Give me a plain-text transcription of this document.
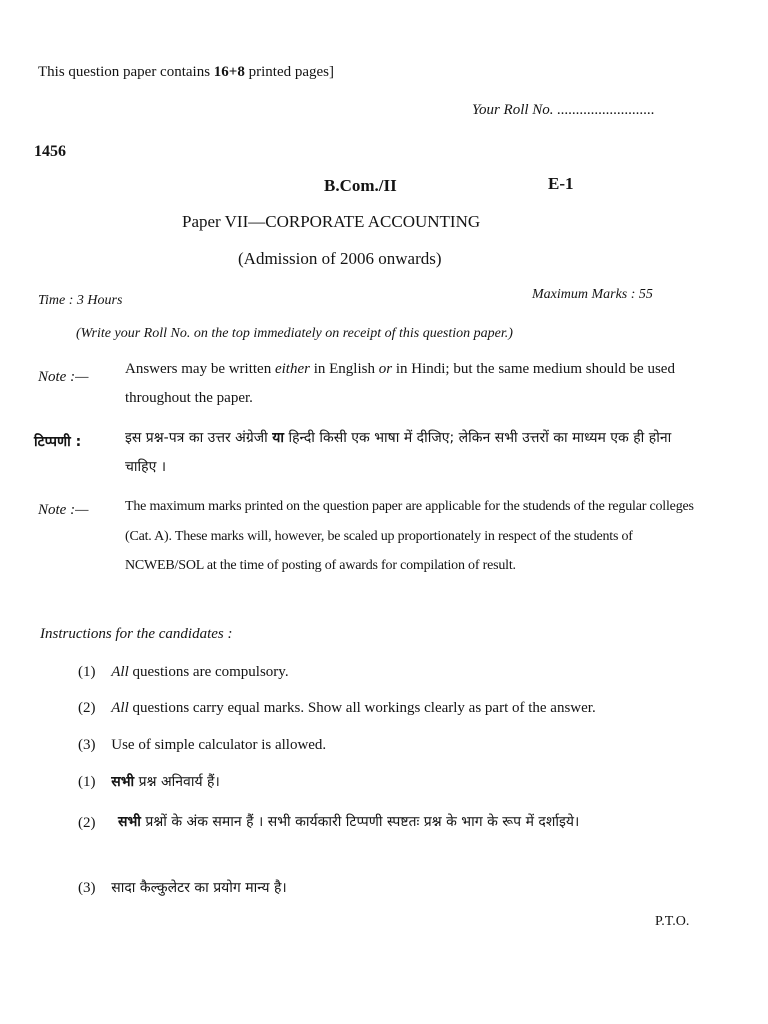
This question paper contains 16+8 printed pages]
Your Roll No. ..........................
1456
B.Com./II	E-1
Paper VII—CORPORATE ACCOUNTING
(Admission of 2006 onwards)
Time : 3 Hours	Maximum Marks : 55
(Write your Roll No. on the top immediately on receipt of this question paper.)
Note :— Answers may be written either in English or in Hindi; but the same medium should be used throughout the paper.
टिप्पणी :	इस प्रश्न-पत्र का उत्तर अंग्रेजी या हिन्दी किसी एक भाषा में दीजिए; लेकिन सभी उत्तरों का माध्यम एक ही होना चाहिए ।
Note :—	The maximum marks printed on the question paper are applicable for the studends of the regular colleges (Cat. A). These marks will, however, be scaled up proportionately in respect of the students of NCWEB/SOL at the time of posting of awards for compilation of result.
Instructions for the candidates :
(1) All questions are compulsory.
(2) All questions carry equal marks. Show all workings clearly as part of the answer.
(3) Use of simple calculator is allowed.
(1) सभी प्रश्न अनिवार्य हैं।
(2) सभी प्रश्नों के अंक समान हैं । सभी कार्यकारी टिप्पणी स्पष्टतः प्रश्न के भाग के रूप में दर्शाइये।
(3) सादा कैल्कुलेटर का प्रयोग मान्य है।
P.T.O.
